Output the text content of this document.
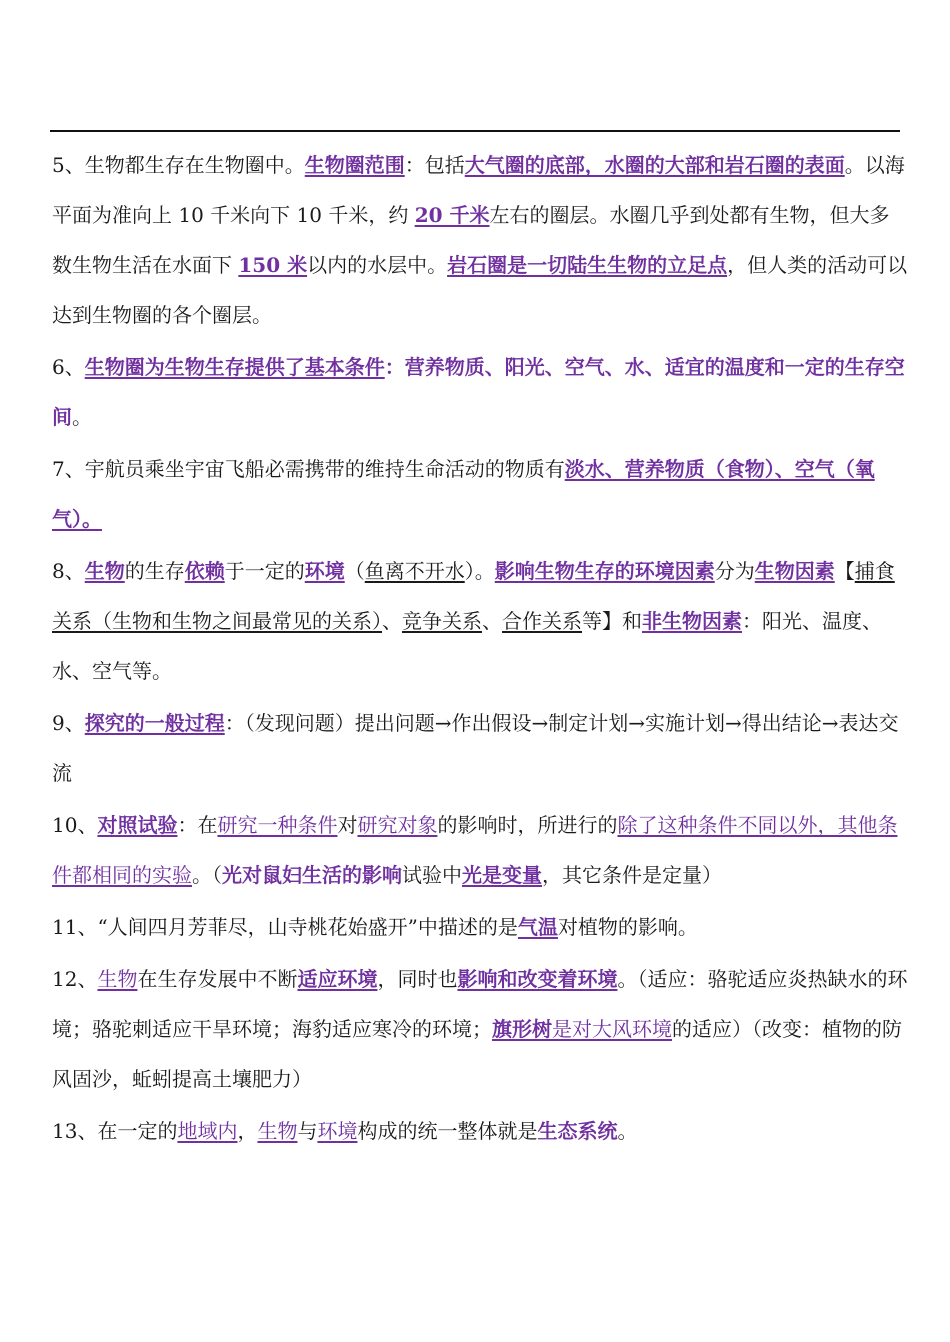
5、生物都生存在生物圈中。生物圈范围：包括大气圈的底部，水圈的大部和岩石圈的表面。以海平面为准向上 10 千米向下 10 千米，约 20 千米左右的圈层。水圈几乎到处都有生物，但大多数生物生活在水面下 150 米以内的水层中。岩石圈是一切陆生生物的立足点，但人类的活动可以达到生物圈的各个圈层。

6、生物圈为生物生存提供了基本条件：营养物质、阳光、空气、水、适宜的温度和一定的生存空间。

7、宇航员乘坐宇宙飞船必需携带的维持生命活动的物质有淡水、营养物质（食物）、空气（氧气）。

8、生物的生存依赖于一定的环境（鱼离不开水）。影响生物生存的环境因素分为生物因素【捕食关系（生物和生物之间最常见的关系）、竞争关系、合作关系等】和非生物因素：阳光、温度、水、空气等。

9、探究的一般过程：（发现问题）提出问题→作出假设→制定计划→实施计划→得出结论→表达交流

10、对照试验：在研究一种条件对研究对象的影响时，所进行的除了这种条件不同以外，其他条件都相同的实验。（光对鼠妇生活的影响试验中光是变量，其它条件是定量）

11、“人间四月芳菲尽，山寺桃花始盛开”中描述的是气温对植物的影响。

12、生物在生存发展中不断适应环境，同时也影响和改变着环境。（适应：骆驼适应炎热缺水的环境；骆驼刺适应干旱环境；海豹适应寒冷的环境；旗形树是对大风环境的适应）（改变：植物的防风固沙，蚯蚓提高土壤肥力）

13、在一定的地域内，生物与环境构成的统一整体就是生态系统。
